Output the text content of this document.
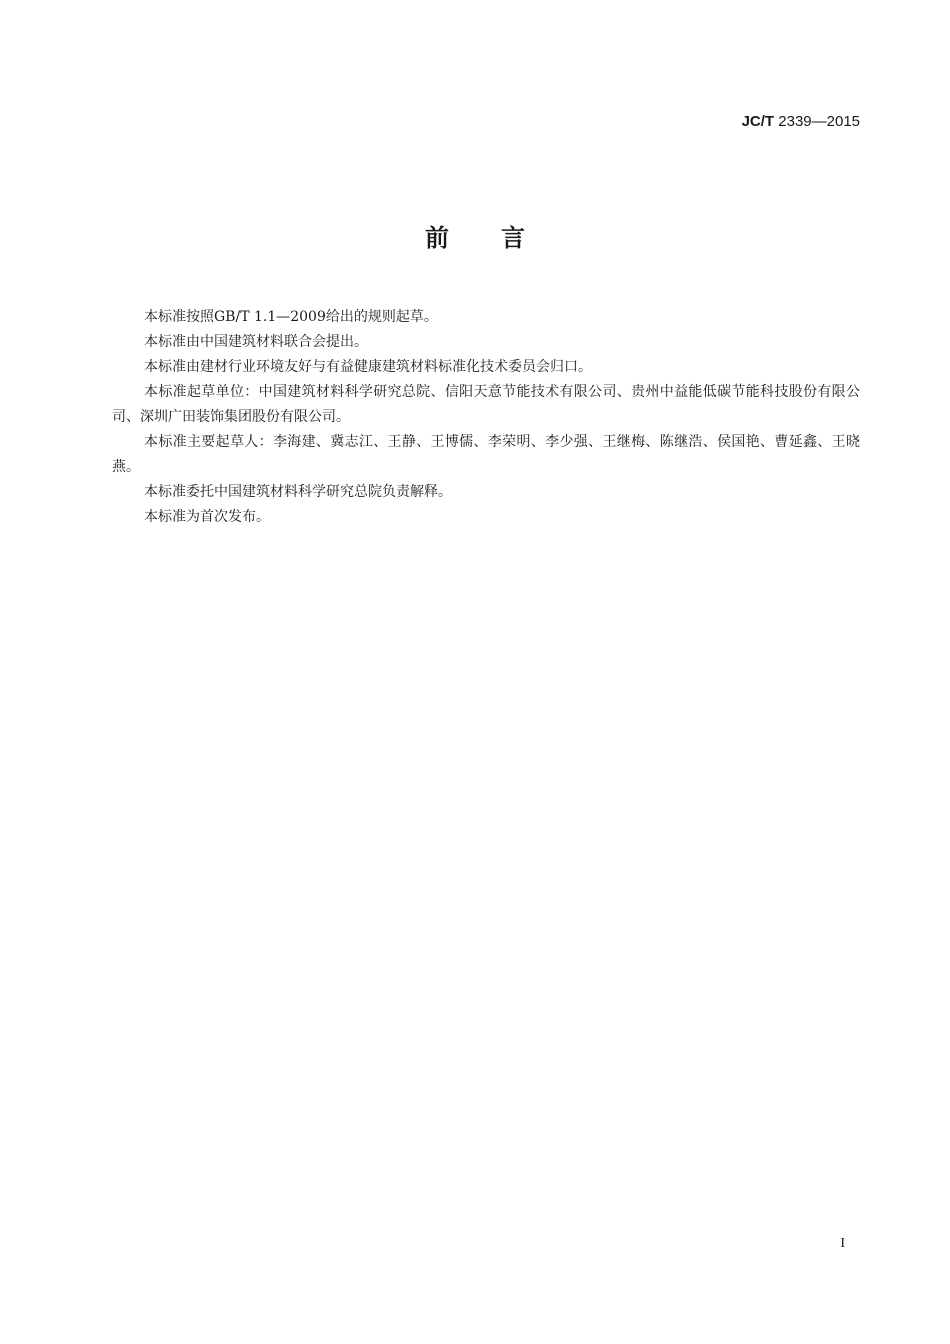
JC/T 2339—2015
前言

本标准按照GB/T 1.1—2009给出的规则起草。

本标准由中国建筑材料联合会提出。

本标准由建材行业环境友好与有益健康建筑材料标准化技术委员会归口。

本标准起草单位：中国建筑材料科学研究总院、信阳天意节能技术有限公司、贵州中益能低碳节能科技股份有限公司、深圳广田装饰集团股份有限公司。

本标准主要起草人：李海建、冀志江、王静、王博儒、李荣明、李少强、王继梅、陈继浩、侯国艳、曹延鑫、王晓燕。

本标准委托中国建筑材料科学研究总院负责解释。

本标准为首次发布。

I
